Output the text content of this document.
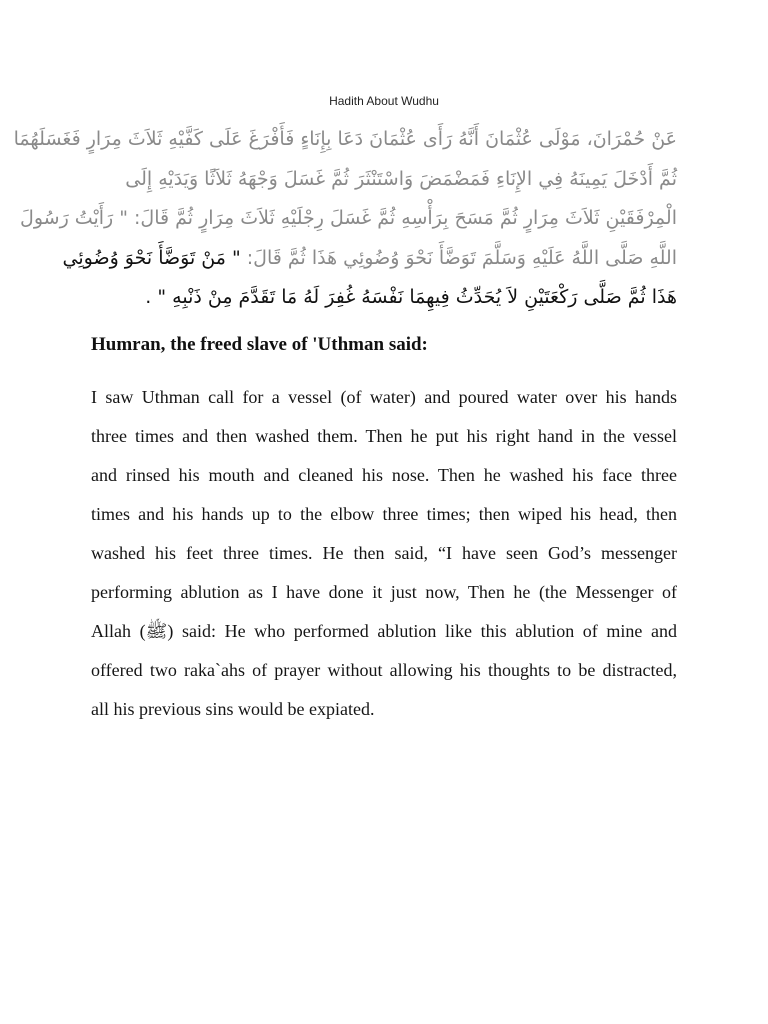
Hadith About Wudhu
عَنْ حُمْرَانَ، مَوْلَى عُثْمَانَ أَنَّهُ رَأَى عُثْمَانَ دَعَا بِإِنَاءٍ فَأَفْرَغَ عَلَى كَفَّيْهِ ثَلاَثَ مِرَارٍ فَغَسَلَهُمَا
ثُمَّ أَدْخَلَ يَمِينَهُ فِي الإِنَاءِ فَمَضْمَضَ وَاسْتَنْثَرَ ثُمَّ غَسَلَ وَجْهَهُ ثَلاَثًا وَيَدَيْهِ إِلَى
الْمِرْفَقَيْنِ ثَلاَثَ مِرَارٍ ثُمَّ مَسَحَ بِرَأْسِهِ ثُمَّ غَسَلَ رِجْلَيْهِ ثَلاَثَ مِرَارٍ ثُمَّ قَالَ: " رَأَيْتُ رَسُولَ
اللَّهِ صَلَّى اللَّهُ عَلَيْهِ وَسَلَّمَ تَوَضَّأَ نَحْوَ وُضُوئِي هَذَا ثُمَّ قَالَ: " مَنْ تَوَضَّأَ نَحْوَ وُضُوئِي
هَذَا ثُمَّ صَلَّى رَكْعَتَيْنِ لاَ يُحَدِّثُ فِيهِمَا نَفْسَهُ غُفِرَ لَهُ مَا تَقَدَّمَ مِنْ ذَنْبِهِ " .
Humran, the freed slave of 'Uthman said:
I saw Uthman call for a vessel (of water) and poured water over his hands
three times and then washed them. Then he put his right hand in the vessel
and rinsed his mouth and cleaned his nose. Then he washed his face three
times and his hands up to the elbow three times; then wiped his head, then
washed his feet three times. He then said, “I have seen God’s messenger
performing ablution as I have done it just now, Then he (the Messenger of
Allah (ﷺ) said: He who performed ablution like this ablution of mine and
offered two raka`ahs of prayer without allowing his thoughts to be distracted,
all his previous sins would be expiated.
